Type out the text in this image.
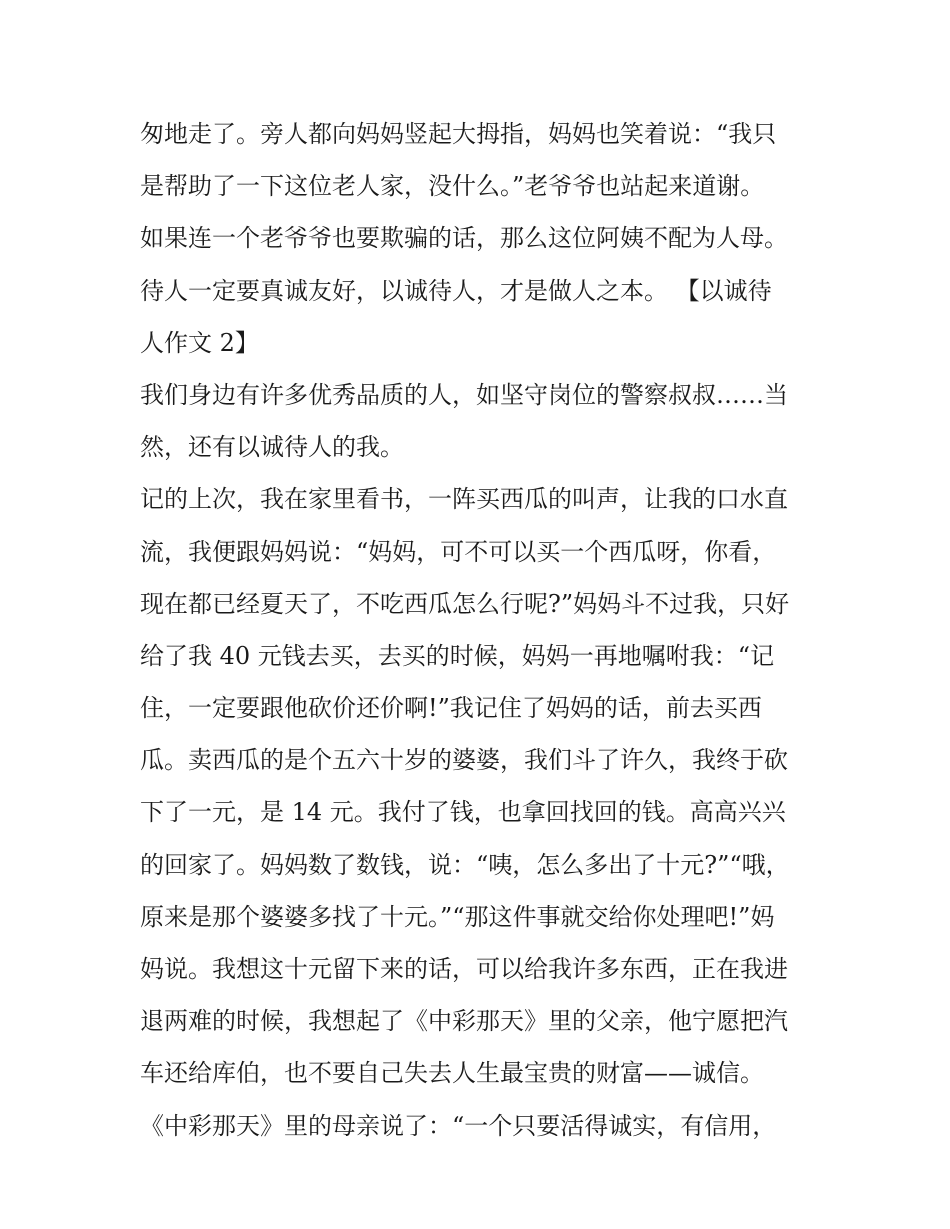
匆地走了。旁人都向妈妈竖起大拇指，妈妈也笑着说：“我只
是帮助了一下这位老人家，没什么。”老爷爷也站起来道谢。
如果连一个老爷爷也要欺骗的话，那么这位阿姨不配为人母。
待人一定要真诚友好，以诚待人，才是做人之本。 【以诚待
人作文 2】
我们身边有许多优秀品质的人，如坚守岗位的警察叔叔……当
然，还有以诚待人的我。
记的上次，我在家里看书，一阵买西瓜的叫声，让我的口水直
流，我便跟妈妈说：“妈妈，可不可以买一个西瓜呀，你看，
现在都已经夏天了，不吃西瓜怎么行呢?”妈妈斗不过我，只好
给了我 40 元钱去买，去买的时候，妈妈一再地嘱咐我：“记
住，一定要跟他砍价还价啊!”我记住了妈妈的话，前去买西
瓜。卖西瓜的是个五六十岁的婆婆，我们斗了许久，我终于砍
下了一元，是 14 元。我付了钱，也拿回找回的钱。高高兴兴
的回家了。妈妈数了数钱，说：“咦，怎么多出了十元?”“哦，
原来是那个婆婆多找了十元。”“那这件事就交给你处理吧!”妈
妈说。我想这十元留下来的话，可以给我许多东西，正在我进
退两难的时候，我想起了《中彩那天》里的父亲，他宁愿把汽
车还给库伯，也不要自己失去人生最宝贵的财富——诚信。
《中彩那天》里的母亲说了：“一个只要活得诚实，有信用，
